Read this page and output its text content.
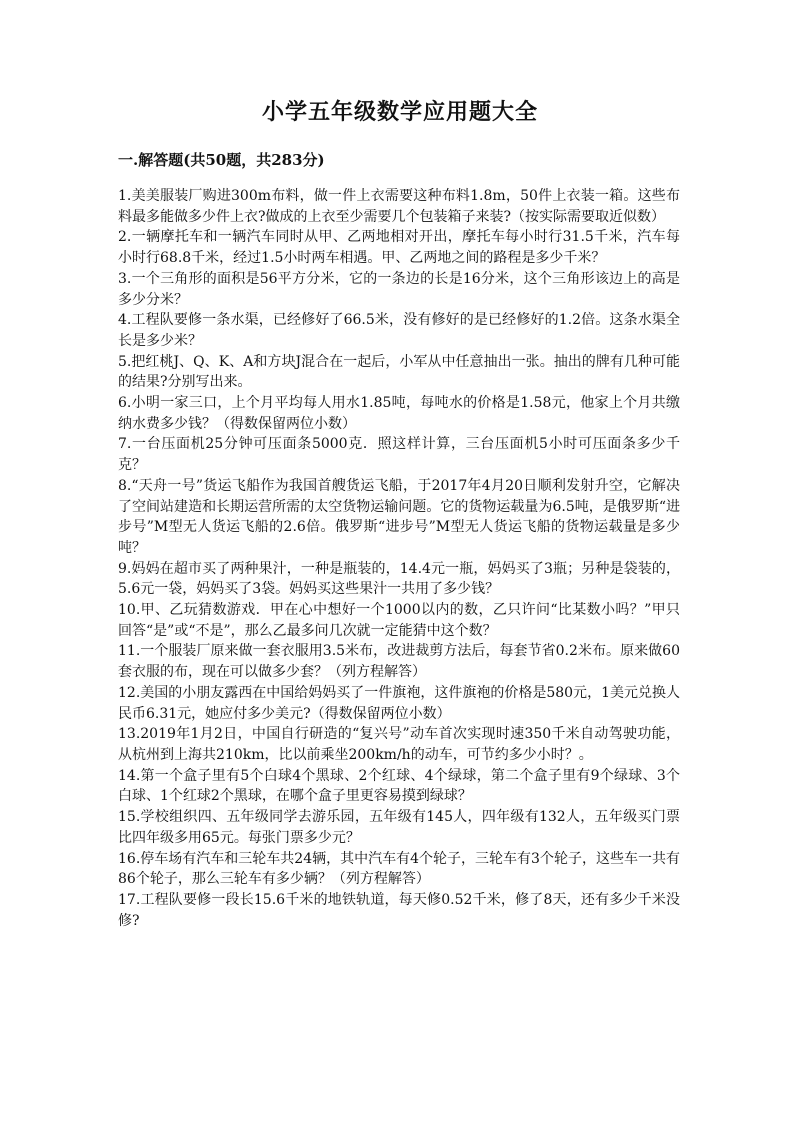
小学五年级数学应用题大全
一.解答题(共50题，共283分)
1.美美服装厂购进300m布料，做一件上衣需要这种布料1.8m，50件上衣装一箱。这些布料最多能做多少件上衣?做成的上衣至少需要几个包装箱子来装?（按实际需要取近似数）
2.一辆摩托车和一辆汽车同时从甲、乙两地相对开出，摩托车每小时行31.5千米，汽车每小时行68.8千米，经过1.5小时两车相遇。甲、乙两地之间的路程是多少千米？
3.一个三角形的面积是56平方分米，它的一条边的长是16分米，这个三角形该边上的高是多少分米？
4.工程队要修一条水渠，已经修好了66.5米，没有修好的是已经修好的1.2倍。这条水渠全长是多少米？
5.把红桃J、Q、K、A和方块J混合在一起后，小军从中任意抽出一张。抽出的牌有几种可能的结果?分别写出来。
6.小明一家三口，上个月平均每人用水1.85吨，每吨水的价格是1.58元，他家上个月共缴纳水费多少钱？（得数保留两位小数）
7.一台压面机25分钟可压面条5000克．照这样计算，三台压面机5小时可压面条多少千克？
8.“天舟一号”货运飞船作为我国首艘货运飞船，于2017年4月20日顺利发射升空，它解决了空间站建造和长期运营所需的太空货物运输问题。它的货物运载量为6.5吨，是俄罗斯“进步号”M型无人货运飞船的2.6倍。俄罗斯“进步号”M型无人货运飞船的货物运载量是多少吨？
9.妈妈在超市买了两种果汁，一种是瓶装的，14.4元一瓶，妈妈买了3瓶；另种是袋装的，5.6元一袋，妈妈买了3袋。妈妈买这些果汁一共用了多少钱？
10.甲、乙玩猜数游戏．甲在心中想好一个1000以内的数，乙只许问“比某数小吗？”甲只回答“是”或“不是”，那么乙最多问几次就一定能猜中这个数？
11.一个服装厂原来做一套衣服用3.5米布，改进裁剪方法后，每套节省0.2米布。原来做60套衣服的布，现在可以做多少套？（列方程解答）
12.美国的小朋友露西在中国给妈妈买了一件旗袍，这件旗袍的价格是580元，1美元兑换人民币6.31元，她应付多少美元?（得数保留两位小数）
13.2019年1月2日，中国自行研造的“复兴号”动车首次实现时速350千米自动驾驶功能，从杭州到上海共210km，比以前乘坐200km/h的动车，可节约多少小时？。
14.第一个盒子里有5个白球4个黑球、2个红球、4个绿球，第二个盒子里有9个绿球、3个白球、1个红球2个黑球，在哪个盒子里更容易摸到绿球？
15.学校组织四、五年级同学去游乐园，五年级有145人，四年级有132人，五年级买门票比四年级多用65元。每张门票多少元？
16.停车场有汽车和三轮车共24辆，其中汽车有4个轮子，三轮车有3个轮子，这些车一共有86个轮子，那么三轮车有多少辆？（列方程解答）
17.工程队要修一段长15.6千米的地铁轨道，每天修0.52千米，修了8天，还有多少千米没修?
